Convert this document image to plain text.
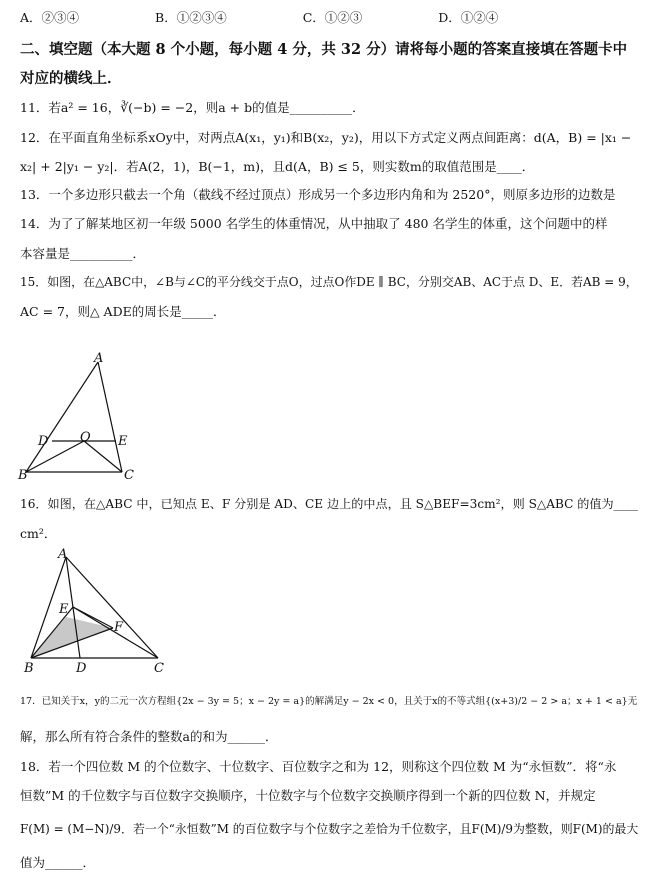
A．②③④	B．①②③④	C．①②③	D．①②④
二、填空题（本大题 8 个小题，每小题 4 分，共 32 分）请将每小题的答案直接填在答题卡中
对应的横线上．
11．若a² = 16，∛(−b) = −2，则a + b的值是__________．
12．在平面直角坐标系xOy中，对两点A(x₁，y₁)和B(x₂，y₂)，用以下方式定义两点间距离：d(A，B) = |x₁ −
x₂| + 2|y₁ − y₂|．若A(2，1)，B(−1，m)，且d(A，B) ≤ 5，则实数m的取值范围是____．
13．一个多边形只截去一个角（截线不经过顶点）形成另一个多边形内角和为 2520°，则原多边形的边数是
14．为了了解某地区初一年级 5000 名学生的体重情况，从中抽取了 480 名学生的体重，这个问题中的样
本容量是__________．
15．如图，在△ABC中，∠B与∠C的平分线交于点O，过点O作DE ∥ BC，分别交AB、AC于点 D、E．若AB = 9，
AC = 7，则△ ADE的周长是_____．
A
D O E
B	C
16．如图，在△ABC 中，已知点 E、F 分别是 AD、CE 边上的中点，且 S△BEF=3cm²，则 S△ABC 的值为____
cm²．
A
E
F
B	D	C
17．已知关于x，y的二元一次方程组{2x − 3y = 5；x − 2y = a}的解满足y − 2x < 0，且关于x的不等式组{(x+3)/2 − 2 > a；x + 1 < a}无
解，那么所有符合条件的整数a的和为______．
18．若一个四位数 M 的个位数字、十位数字、百位数字之和为 12，则称这个四位数 M 为“永恒数”．将“永
恒数”M 的千位数字与百位数字交换顺序，十位数字与个位数字交换顺序得到一个新的四位数 N，并规定
F(M) = (M−N)/9．若一个“永恒数”M 的百位数字与个位数字之差恰为千位数字，且F(M)/9为整数，则F(M)的最大
值为______．
